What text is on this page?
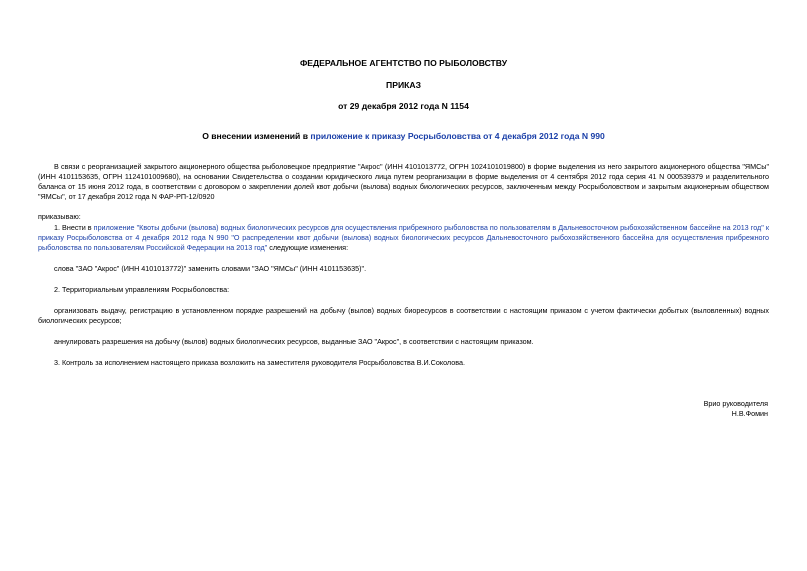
ФЕДЕРАЛЬНОЕ АГЕНТСТВО ПО РЫБОЛОВСТВУ
ПРИКАЗ
от 29 декабря 2012 года N 1154
О внесении изменений в приложение к приказу Росрыболовства от 4 декабря 2012 года N 990
В связи с реорганизацией закрытого акционерного общества рыболовецкое предприятие "Акрос" (ИНН 4101013772, ОГРН 1024101019800) в форме выделения из него закрытого акционерного общества "ЯМСы" (ИНН 4101153635, ОГРН 1124101009680), на основании Свидетельства о создании юридического лица путем реорганизации в форме выделения от 4 сентября 2012 года серия 41 N 000539379 и разделительного баланса от 15 июня 2012 года, в соответствии с договором о закреплении долей квот добычи (вылова) водных биологических ресурсов, заключенным между Росрыболовством и закрытым акционерным обществом "ЯМСы", от 17 декабря 2012 года N ФАР-РП-12/0920
приказываю:
1. Внести в приложение "Квоты добычи (вылова) водных биологических ресурсов для осуществления прибрежного рыболовства по пользователям в Дальневосточном рыбохозяйственном бассейне на 2013 год" к приказу Росрыболовства от 4 декабря 2012 года N 990 "О распределении квот добычи (вылова) водных биологических ресурсов Дальневосточного рыбохозяйственного бассейна для осуществления прибрежного рыболовства по пользователям Российской Федерации на 2013 год" следующие изменения:
слова "ЗАО "Акрос" (ИНН 4101013772)" заменить словами "ЗАО "ЯМСы" (ИНН 4101153635)".
2. Территориальным управлениям Росрыболовства:
организовать выдачу, регистрацию в установленном порядке разрешений на добычу (вылов) водных биоресурсов в соответствии с настоящим приказом с учетом фактически добытых (выловленных) водных биологических ресурсов;
аннулировать разрешения на добычу (вылов) водных биологических ресурсов, выданные ЗАО "Акрос", в соответствии с настоящим приказом.
3. Контроль за исполнением настоящего приказа возложить на заместителя руководителя Росрыболовства В.И.Соколова.
Врио руководителя
Н.В.Фомин
